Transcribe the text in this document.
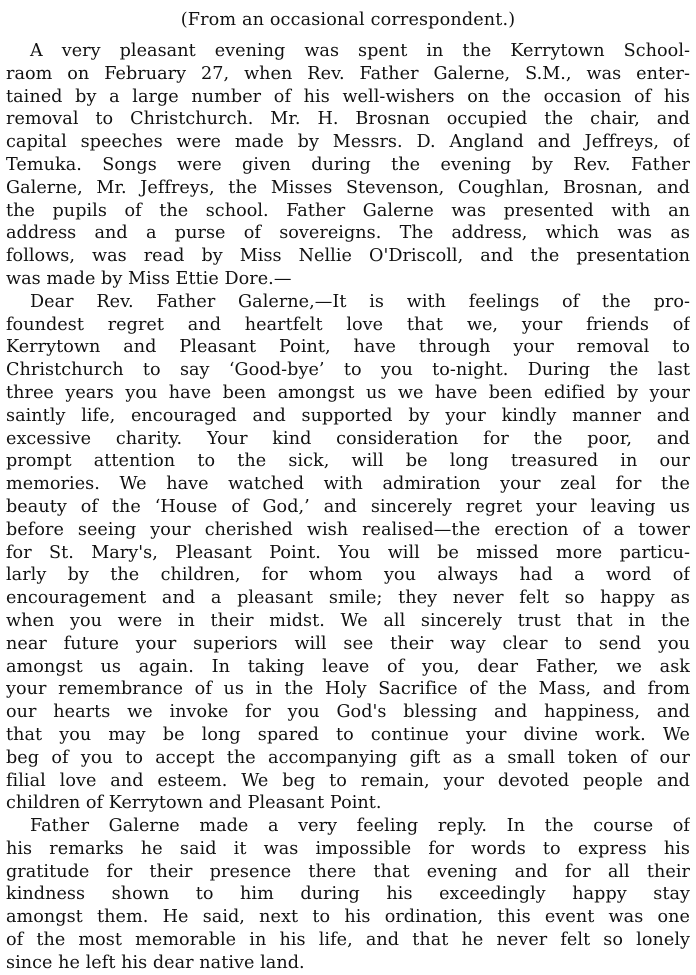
(From an occasional correspondent.)
A very pleasant evening was spent in the Kerrytown School-
raom on February 27, when Rev. Father Galerne, S.M., was enter-
tained by a large number of his well-wishers on the occasion of his
removal to Christchurch. Mr. H. Brosnan occupied the chair, and
capital speeches were made by Messrs. D. Angland and Jeffreys, of
Temuka. Songs were given during the evening by Rev. Father
Galerne, Mr. Jeffreys, the Misses Stevenson, Coughlan, Brosnan, and
the pupils of the school. Father Galerne was presented with an
address and a purse of sovereigns. The address, which was as
follows, was read by Miss Nellie O'Driscoll, and the presentation
was made by Miss Ettie Dore.—
Dear Rev. Father Galerne,—It is with feelings of the pro-
foundest regret and heartfelt love that we, your friends of
Kerrytown and Pleasant Point, have through your removal to
Christchurch to say ‘Good-bye’ to you to-night. During the last
three years you have been amongst us we have been edified by your
saintly life, encouraged and supported by your kindly manner and
excessive charity. Your kind consideration for the poor, and
prompt attention to the sick, will be long treasured in our
memories. We have watched with admiration your zeal for the
beauty of the ‘House of God,’ and sincerely regret your leaving us
before seeing your cherished wish realised—the erection of a tower
for St. Mary's, Pleasant Point. You will be missed more particu-
larly by the children, for whom you always had a word of
encouragement and a pleasant smile; they never felt so happy as
when you were in their midst. We all sincerely trust that in the
near future your superiors will see their way clear to send you
amongst us again. In taking leave of you, dear Father, we ask
your remembrance of us in the Holy Sacrifice of the Mass, and from
our hearts we invoke for you God's blessing and happiness, and
that you may be long spared to continue your divine work. We
beg of you to accept the accompanying gift as a small token of our
filial love and esteem. We beg to remain, your devoted people and
children of Kerrytown and Pleasant Point.
Father Galerne made a very feeling reply. In the course of
his remarks he said it was impossible for words to express his
gratitude for their presence there that evening and for all their
kindness shown to him during his exceedingly happy stay
amongst them. He said, next to his ordination, this event was one
of the most memorable in his life, and that he never felt so lonely
since he left his dear native land.
